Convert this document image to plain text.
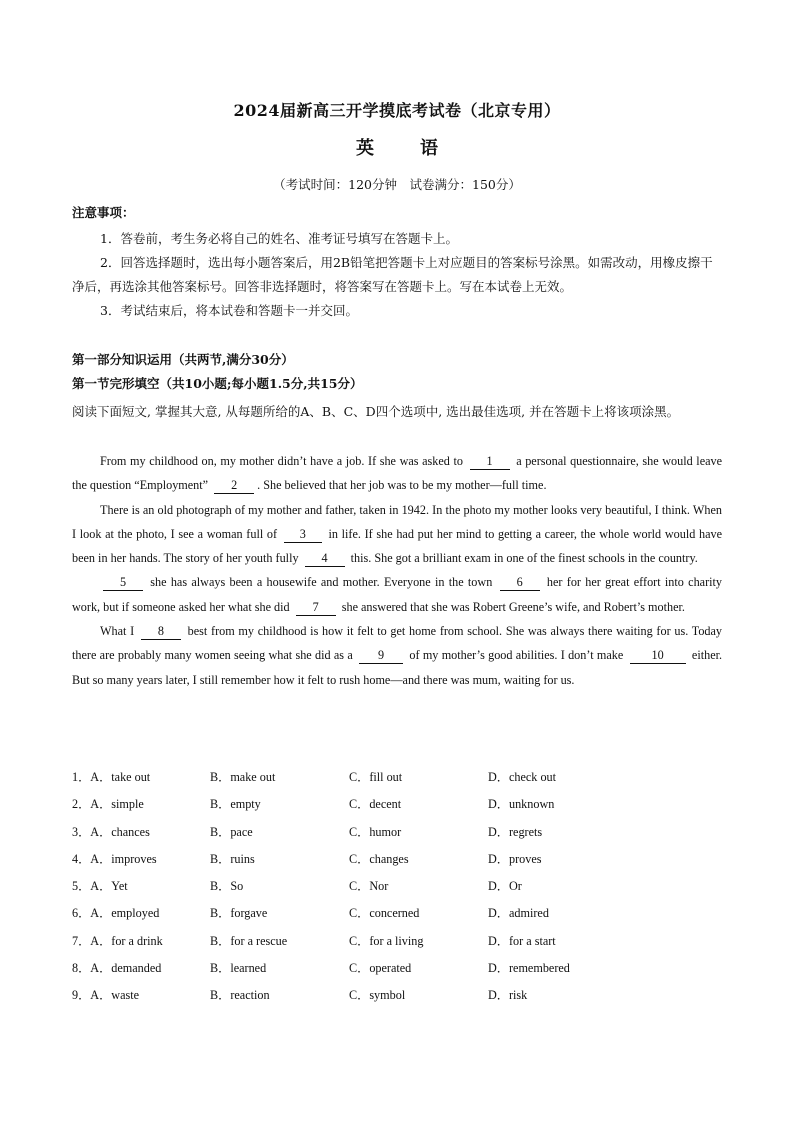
2024届新高三开学摸底考试卷（北京专用）
英	语
（考试时间：120分钟　试卷满分：150分）
注意事项：

1．答卷前，考生务必将自己的姓名、准考证号填写在答题卡上。

2．回答选择题时，选出每小题答案后，用2B铅笔把答题卡上对应题目的答案标号涂黑。如需改动，用橡皮擦干净后，再选涂其他答案标号。回答非选择题时，将答案写在答题卡上。写在本试卷上无效。

3．考试结束后，将本试卷和答题卡一并交回。

第一部分知识运用（共两节,满分30分）
第一节完形填空（共10小题;每小题1.5分,共15分）
阅读下面短文, 掌握其大意, 从每题所给的A、B、C、D四个选项中, 选出最佳选项, 并在答题卡上将该项涂黑。

From my childhood on, my mother didn’t have a job. If she was asked to 1 a personal questionnaire, she would leave the question “Employment” 2 . She believed that her job was to be my mother—full time.

There is an old photograph of my mother and father, taken in 1942. In the photo my mother looks very beautiful, I think. When I look at the photo, I see a woman full of 3 in life. If she had put her mind to getting a career, the whole world would have been in her hands. The story of her youth fully 4 this. She got a brilliant exam in one of the finest schools in the country.

5 she has always been a housewife and mother. Everyone in the town 6 her for her great effort into charity work, but if someone asked her what she did 7 she answered that she was Robert Greene’s wife, and Robert’s mother.

What I 8 best from my childhood is how it felt to get home from school. She was always there waiting for us. Today there are probably many women seeing what she did as a 9 of my mother’s good abilities. I don’t make 10 either. But so many years later, I still remember how it felt to rush home—and there was mum, waiting for us.

1．A．take out	B．make out	C．fill out	D．check out
2．A．simple	B．empty	C．decent	D．unknown
3．A．chances	B．pace	C．humor	D．regrets
4．A．improves	B．ruins	C．changes	D．proves
5．A．Yet	B．So	C．Nor	D．Or
6．A．employed	B．forgave	C．concerned	D．admired
7．A．for a drink	B．for a rescue	C．for a living	D．for a start
8．A．demanded	B．learned	C．operated	D．remembered
9．A．waste	B．reaction	C．symbol	D．risk
